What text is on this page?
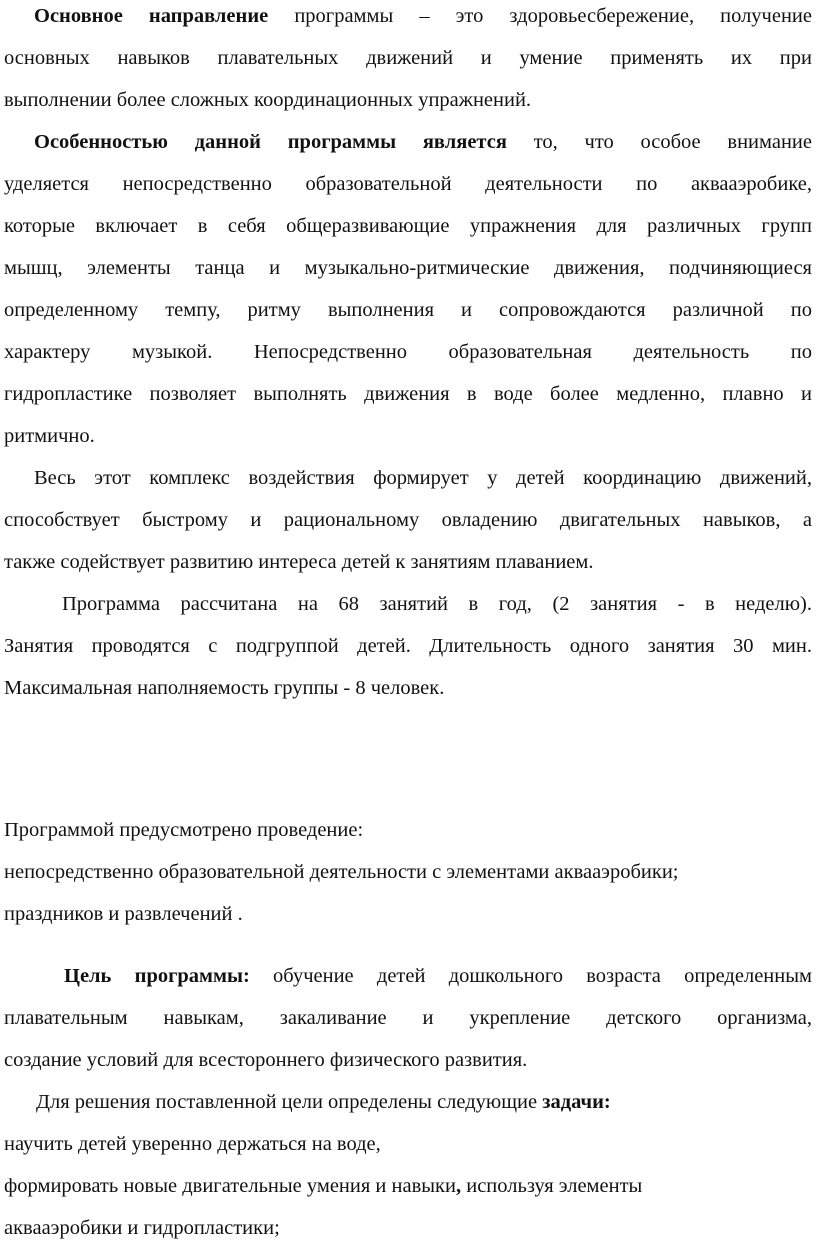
Основное направление программы – это здоровьесбережение, получение
основных навыков плавательных движений и умение применять их при
выполнении более сложных координационных упражнений.
Особенностью данной программы является то, что особое внимание
уделяется непосредственно образовательной деятельности по аквааэробике,
которые включает в себя общеразвивающие упражнения для различных групп
мышц, элементы танца и музыкально-ритмические движения, подчиняющиеся
определенному темпу, ритму выполнения и сопровождаются различной по
характеру музыкой. Непосредственно образовательная деятельность по
гидропластике позволяет выполнять движения в воде более медленно, плавно и
ритмично.
Весь этот комплекс воздействия формирует у детей координацию движений,
способствует быстрому и рациональному овладению двигательных навыков, а
также содействует развитию интереса детей к занятиям плаванием.
Программа рассчитана на 68 занятий в год, (2 занятия - в неделю).
Занятия проводятся с подгруппой детей. Длительность одного занятия 30 мин.
Максимальная наполняемость группы - 8 человек.
Программой предусмотрено проведение:
непосредственно образовательной деятельности с элементами аквааэробики;
праздников и развлечений .
Цель программы: обучение детей дошкольного возраста определенным
плавательным навыкам, закаливание и укрепление детского организма,
создание условий для всестороннего физического развития.
Для решения поставленной цели определены следующие задачи:
научить детей уверенно держаться на воде,
формировать новые двигательные умения и навыки, используя элементы
аквааэробики и гидропластики;
